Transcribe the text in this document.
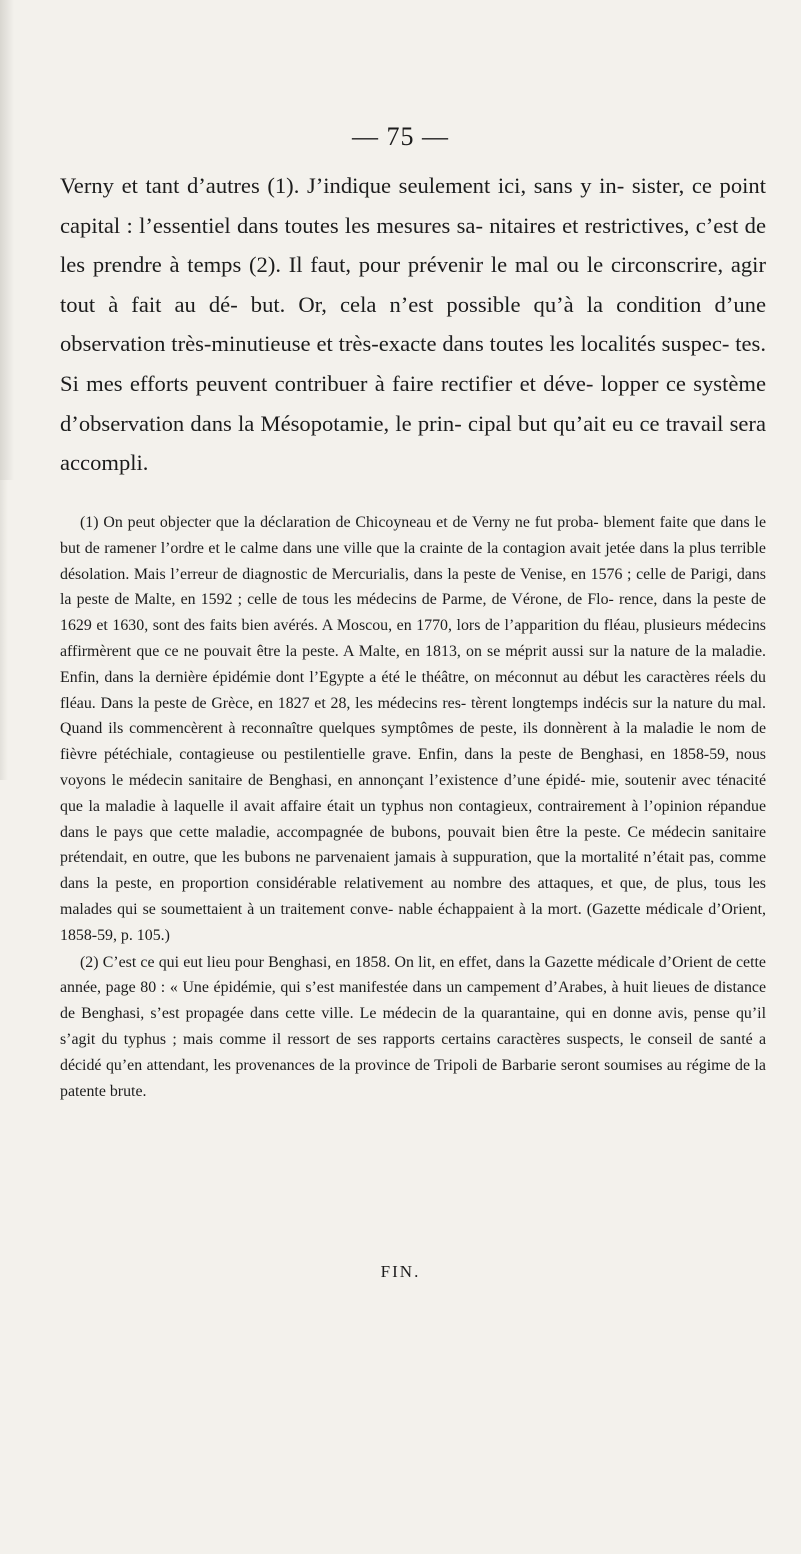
— 75 —

Verny et tant d’autres (1). J’indique seulement ici, sans y in- sister, ce point capital : l’essentiel dans toutes les mesures sa- nitaires et restrictives, c’est de les prendre à temps (2). Il faut, pour prévenir le mal ou le circonscrire, agir tout à fait au dé- but. Or, cela n’est possible qu’à la condition d’une observation très-minutieuse et très-exacte dans toutes les localités suspec- tes. Si mes efforts peuvent contribuer à faire rectifier et déve- lopper ce système d’observation dans la Mésopotamie, le prin- cipal but qu’ait eu ce travail sera accompli.

(1) On peut objecter que la déclaration de Chicoyneau et de Verny ne fut proba- blement faite que dans le but de ramener l’ordre et le calme dans une ville que la crainte de la contagion avait jetée dans la plus terrible désolation. Mais l’erreur de diagnostic de Mercurialis, dans la peste de Venise, en 1576 ; celle de Parigi, dans la peste de Malte, en 1592 ; celle de tous les médecins de Parme, de Vérone, de Flo- rence, dans la peste de 1629 et 1630, sont des faits bien avérés. A Moscou, en 1770, lors de l’apparition du fléau, plusieurs médecins affirmèrent que ce ne pouvait être la peste. A Malte, en 1813, on se méprit aussi sur la nature de la maladie. Enfin, dans la dernière épidémie dont l’Egypte a été le théâtre, on méconnut au début les caractères réels du fléau. Dans la peste de Grèce, en 1827 et 28, les médecins res- tèrent longtemps indécis sur la nature du mal. Quand ils commencèrent à reconnaître quelques symptômes de peste, ils donnèrent à la maladie le nom de fièvre pétéchiale, contagieuse ou pestilentielle grave. Enfin, dans la peste de Benghasi, en 1858-59, nous voyons le médecin sanitaire de Benghasi, en annonçant l’existence d’une épidé- mie, soutenir avec ténacité que la maladie à laquelle il avait affaire était un typhus non contagieux, contrairement à l’opinion répandue dans le pays que cette maladie, accompagnée de bubons, pouvait bien être la peste. Ce médecin sanitaire prétendait, en outre, que les bubons ne parvenaient jamais à suppuration, que la mortalité n’était pas, comme dans la peste, en proportion considérable relativement au nombre des attaques, et que, de plus, tous les malades qui se soumettaient à un traitement conve- nable échappaient à la mort. (Gazette médicale d’Orient, 1858-59, p. 105.)

(2) C’est ce qui eut lieu pour Benghasi, en 1858. On lit, en effet, dans la Gazette médicale d’Orient de cette année, page 80 : « Une épidémie, qui s’est manifestée dans un campement d’Arabes, à huit lieues de distance de Benghasi, s’est propagée dans cette ville. Le médecin de la quarantaine, qui en donne avis, pense qu’il s’agit du typhus ; mais comme il ressort de ses rapports certains caractères suspects, le conseil de santé a décidé qu’en attendant, les provenances de la province de Tripoli de Barbarie seront soumises au régime de la patente brute.

FIN.
